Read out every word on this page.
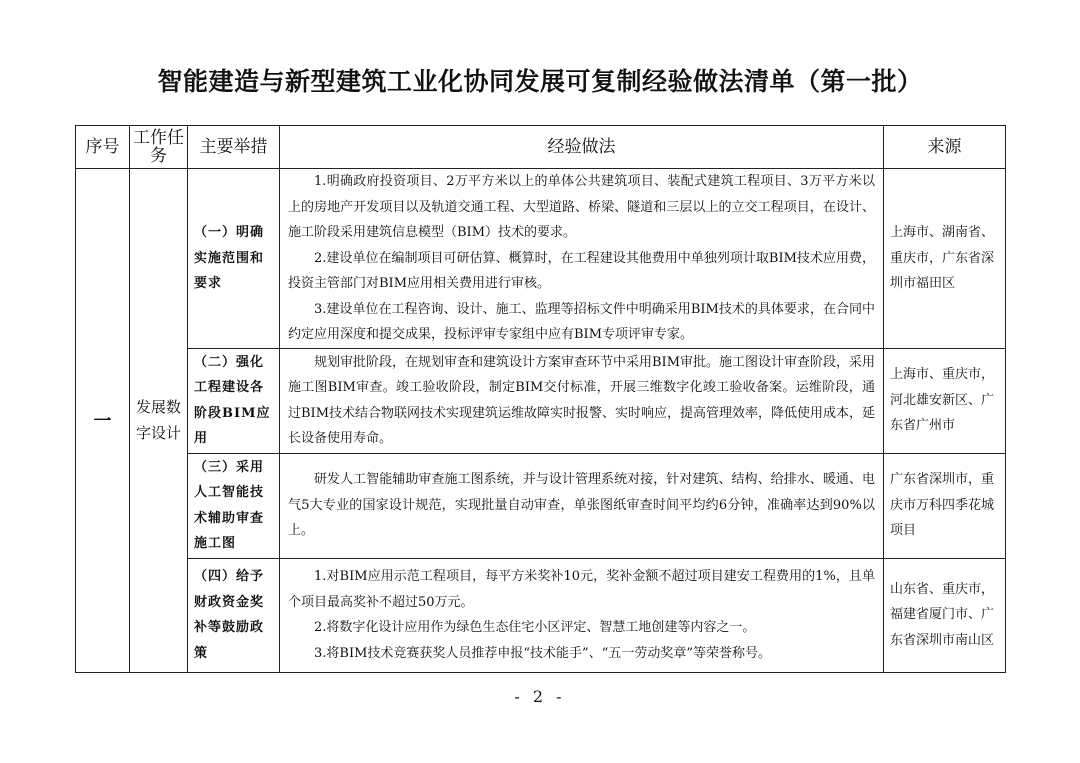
智能建造与新型建筑工业化协同发展可复制经验做法清单（第一批）
序号	工作任务	主要举措	经验做法	来源
一	发展数字设计	（一）明确实施范围和要求	1.明确政府投资项目、2万平方米以上的单体公共建筑项目、装配式建筑工程项目、3万平方米以上的房地产开发项目以及轨道交通工程、大型道路、桥梁、隧道和三层以上的立交工程项目，在设计、施工阶段采用建筑信息模型（BIM）技术的要求。

2.建设单位在编制项目可研估算、概算时，在工程建设其他费用中单独列项计取BIM技术应用费，投资主管部门对BIM应用相关费用进行审核。

3.建设单位在工程咨询、设计、施工、监理等招标文件中明确采用BIM技术的具体要求，在合同中约定应用深度和提交成果，投标评审专家组中应有BIM专项评审专家。	上海市、湖南省、重庆市，广东省深圳市福田区
		（二）强化工程建设各阶段BIM应用	规划审批阶段，在规划审查和建筑设计方案审查环节中采用BIM审批。施工图设计审查阶段，采用施工图BIM审查。竣工验收阶段，制定BIM交付标准，开展三维数字化竣工验收备案。运维阶段，通过BIM技术结合物联网技术实现建筑运维故障实时报警、实时响应，提高管理效率，降低使用成本，延长设备使用寿命。	上海市、重庆市，河北雄安新区、广东省广州市
		（三）采用人工智能技术辅助审查施工图	研发人工智能辅助审查施工图系统，并与设计管理系统对接，针对建筑、结构、给排水、暖通、电气5大专业的国家设计规范，实现批量自动审查，单张图纸审查时间平均约6分钟，准确率达到90%以上。	广东省深圳市，重庆市万科四季花城项目
		（四）给予财政资金奖补等鼓励政策	1.对BIM应用示范工程项目，每平方米奖补10元，奖补金额不超过项目建安工程费用的1%，且单个项目最高奖补不超过50万元。

2.将数字化设计应用作为绿色生态住宅小区评定、智慧工地创建等内容之一。

3.将BIM技术竞赛获奖人员推荐申报“技术能手”、“五一劳动奖章”等荣誉称号。	山东省、重庆市，福建省厦门市、广东省深圳市南山区
- 2 -
